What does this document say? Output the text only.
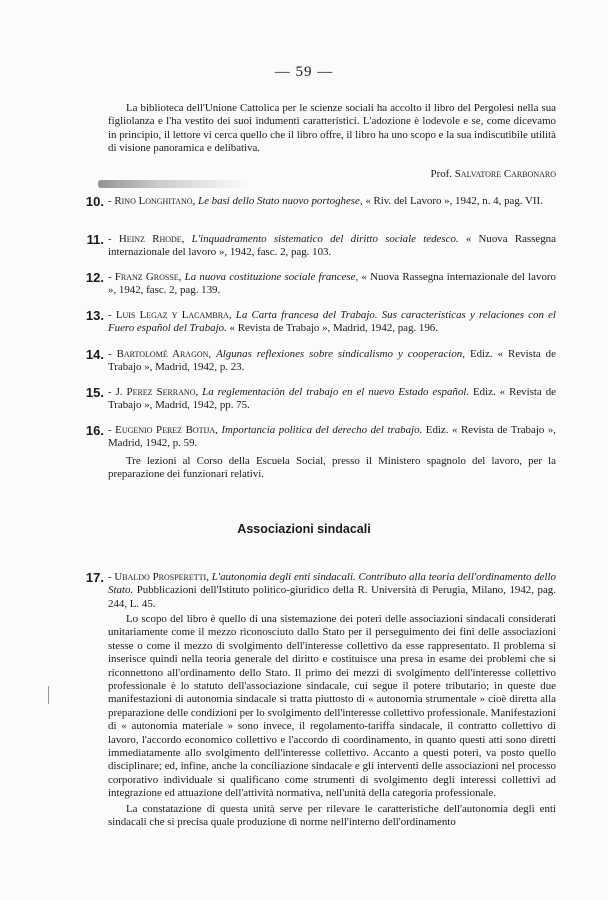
— 59 —

La biblioteca dell'Unione Cattolica per le scienze sociali ha accolto il libro del Pergolesi nella sua figliolanza e l'ha vestito dei suoi indumenti caratteristici. L'adozione è lodevole e se, come dicevamo in principio, il lettore vi cerca quello che il libro offre, il libro ha uno scopo e la sua indiscutibile utilità di visione panoramica e delibativa.

Prof. Salvatore Carbonaro
10. - Rino Longhitano, Le basi dello Stato nuovo portoghese, « Riv. del Lavoro », 1942, n. 4, pag. VII.
11. - Heinz Rhode, L'inquadramento sistematico del diritto sociale tedesco. « Nuova Rassegna internazionale del lavoro », 1942, fasc. 2, pag. 103.
12. - Franz Grosse, La nuova costituzione sociale francese, « Nuova Rassegna internazionale del lavoro », 1942, fasc. 2, pag. 139.
13. - Luis Legaz y Lacambra, La Carta francesa del Trabajo. Sus caracteristicas y relaciones con el Fuero español del Trabajo. « Revista de Trabajo », Madrid, 1942, pag. 196.
14. - Bartolomè Aragon, Algunas reflexiones sobre sindicalismo y cooperacion, Ediz. « Revista de Trabajo », Madrid, 1942, p. 23.
15. - J. Perez Serrano, La reglementaciòn del trabajo en el nuevo Estado español. Ediz. « Revista de Trabajo », Madrid, 1942, pp. 75.
16. - Eugenio Perez Botija, Importancia politica del derecho del trabajo. Ediz. « Revista de Trabajo », Madrid, 1942, p. 59.

Tre lezioni al Corso della Escuela Social, presso il Ministero spagnolo del lavoro, per la preparazione dei funzionari relativi.

Associazioni sindacali
17. - Ubaldo Prosperetti, L'autonomia degli enti sindacali. Contributo alla teoria dell'ordinamento dello Stato. Pubblicazioni dell'Istituto politico-giuridico della R. Università di Perugia, Milano, 1942, pag. 244, L. 45.

Lo scopo del libro è quello di una sistemazione dei poteri delle associazioni sindacali considerati unitariamente come il mezzo riconosciuto dallo Stato per il perseguimento dei fini delle associazioni stesse o come il mezzo di svolgimento dell'interesse collettivo da esse rappresentato. Il problema si inserisce quindi nella teoria generale del diritto e costituisce una presa in esame dei problemi che si riconnettono all'ordinamento dello Stato. Il primo dei mezzi di svolgimento dell'interesse collettivo professionale è lo statuto dell'associazione sindacale, cui segue il potere tributario; in queste due manifestazioni di autonomia sindacale si tratta piuttosto di « autonomia strumentale » cioè diretta alla preparazione delle condizioni per lo svolgimento dell'interesse collettivo professionale. Manifestazioni di « autonomia materiale » sono invece, il regolamento-tariffa sindacale, il contratto collettivo di lavoro, l'accordo economico collettivo e l'accordo di coordinamento, in quanto questi atti sono diretti immediatamente allo svolgimento dell'interesse collettivo. Accanto a questi poteri, va posto quello disciplinare; ed, infine, anche la conciliazione sindacale e gli interventi delle associazioni nel processo corporativo individuale si qualificano come strumenti di svolgimento degli interessi collettivi ad integrazione ed attuazione dell'attività normativa, nell'unità della categoria professionale.

La constatazione di questa unità serve per rilevare le caratteristiche dell'autonomia degli enti sindacali che si precisa quale produzione di norme nell'interno dell'ordinamento
